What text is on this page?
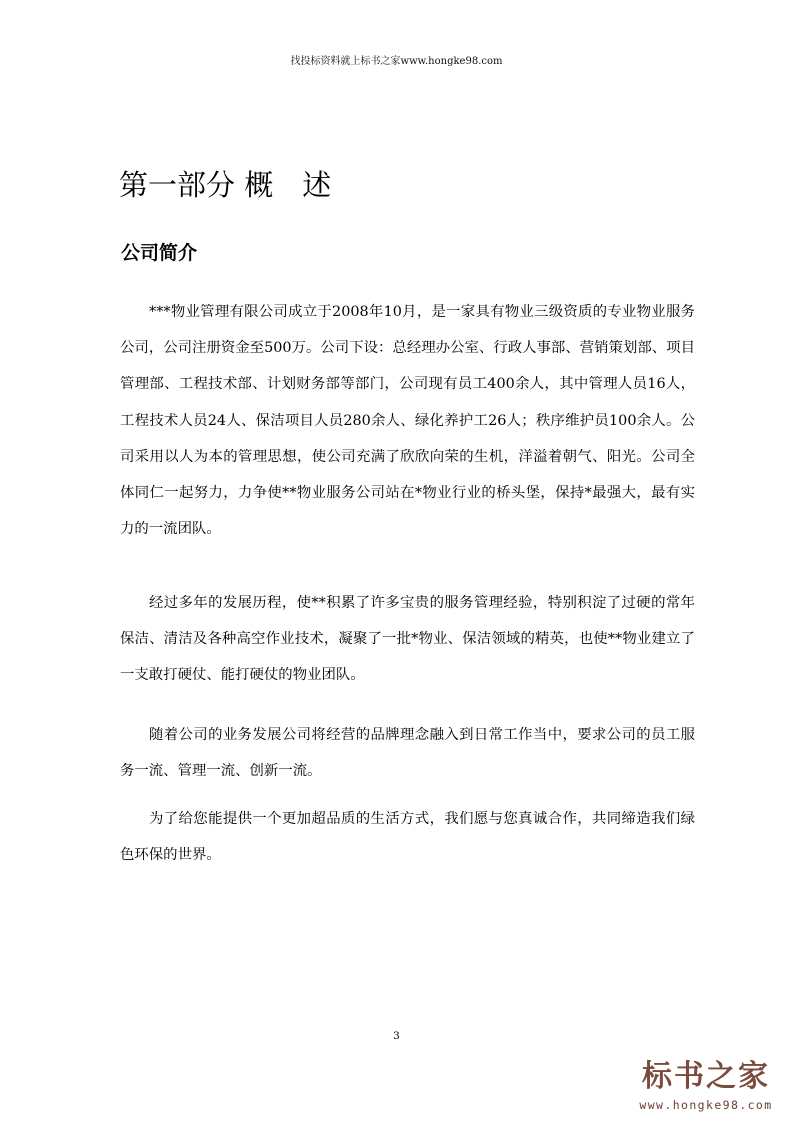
找投标资料就上标书之家www.hongke98.com
第一部分 概　述
公司简介

***物业管理有限公司成立于2008年10月，是一家具有物业三级资质的专业物业服务公司，公司注册资金至500万。公司下设：总经理办公室、行政人事部、营销策划部、项目管理部、工程技术部、计划财务部等部门，公司现有员工400余人，其中管理人员16人，工程技术人员24人、保洁项目人员280余人、绿化养护工26人；秩序维护员100余人。公司采用以人为本的管理思想，使公司充满了欣欣向荣的生机，洋溢着朝气、阳光。公司全体同仁一起努力，力争使**物业服务公司站在*物业行业的桥头堡，保持*最强大，最有实力的一流团队。

经过多年的发展历程，使**积累了许多宝贵的服务管理经验，特别积淀了过硬的常年保洁、清洁及各种高空作业技术，凝聚了一批*物业、保洁领域的精英，也使**物业建立了一支敢打硬仗、能打硬仗的物业团队。

随着公司的业务发展公司将经营的品牌理念融入到日常工作当中，要求公司的员工服务一流、管理一流、创新一流。

为了给您能提供一个更加超品质的生活方式，我们愿与您真诚合作，共同缔造我们绿色环保的世界。

3
标书之家
www.hongke98.com
